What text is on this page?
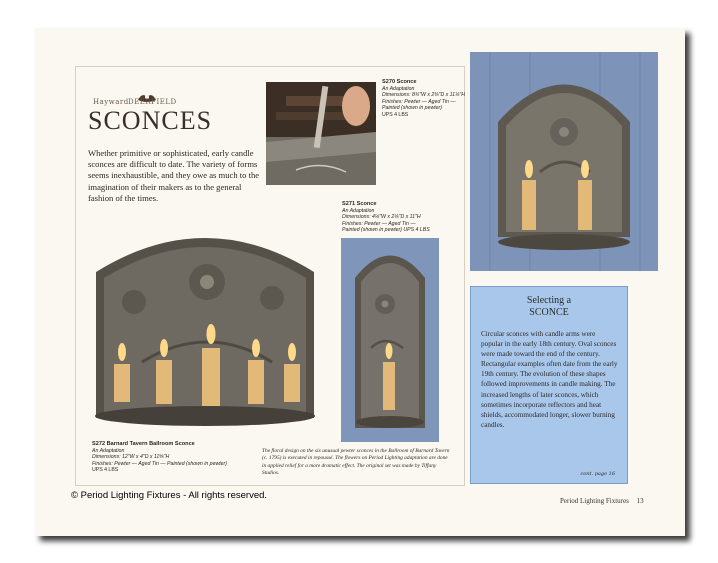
Hayward DEERFIELD
SCONCES
Whether primitive or sophisticated, early candle sconces are difficult to date. The variety of forms seems inexhaustible, and they owe as much to the imagination of their makers as to the general fashion of the times.
S270 Sconce
An Adaptation
Dimensions: 8¾"W x 2⅜"D x 11⅛"H
Finishes: Pewter — Aged Tin — Painted (shown in pewter)
UPS 4 LBS
S271 Sconce
An Adaptation
Dimensions: 4⅛"W x 2⅛"D x 11"H
Finishes: Pewter — Aged Tin —
Painted (shown in pewter) UPS 4 LBS
S272 Barnard Tavern Ballroom Sconce
An Adaptation
Dimensions: 12"W x 4"D x 11⅝"H
Finishes: Pewter — Aged Tin — Painted (shown in pewter)
UPS 4 LBS
The floral design on the six unusual pewter sconces in the Ballroom of Barnard Tavern (c. 1795) is executed in repoussé. The flowers on Period Lighting adaptation are done in applied relief for a more dramatic effect. The original set was made by Tiffany Studios.
Selecting a
SCONCE
Circular sconces with candle arms were popular in the early 18th century. Oval sconces were made toward the end of the century. Rectangular examples often date from the early 19th century. The evolution of these shapes followed improvements in candle making. The increased lengths of later sconces, which sometimes incorporate reflectors and heat shields, accommodated longer, slower burning candles.
cont. page 16
Period Lighting Fixtures 13
© Period Lighting Fixtures - All rights reserved.
